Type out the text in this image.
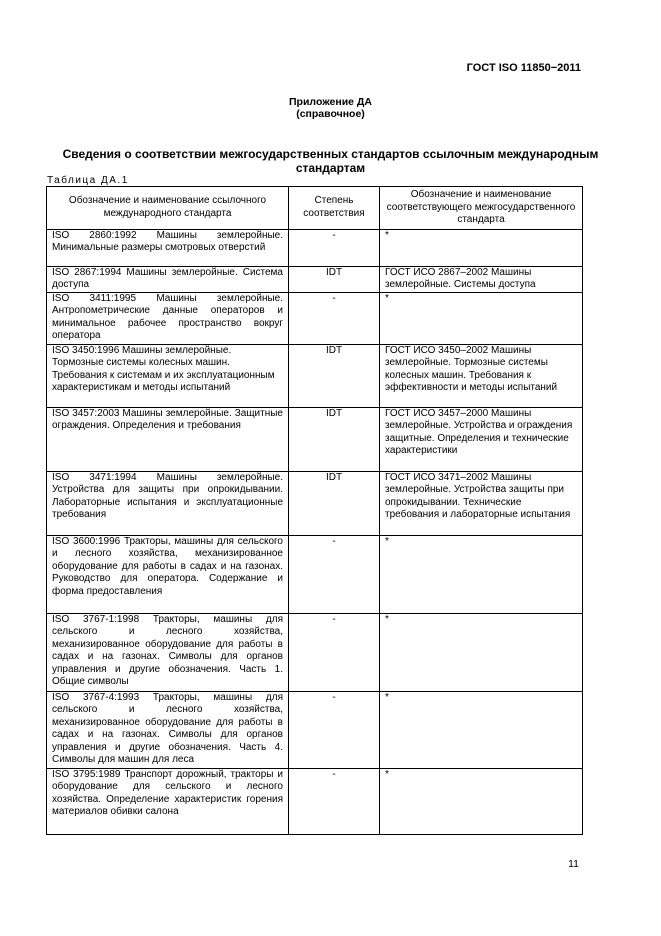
ГОСТ ISO 11850−2011
Приложение ДА
(справочное)
Сведения о соответствии межгосударственных стандартов ссылочным международным стандартам
Таблица ДА.1
Обозначение и наименование ссылочного международного стандарта	Степень соответствия	Обозначение и наименование соответствующего межгосударственного стандарта
ISO 2860:1992 Машины землеройные. Минимальные размеры смотровых отверстий	-	*
ISO 2867:1994 Машины землеройные. Система доступа	IDT	ГОСТ ИСО 2867–2002 Машины землеройные. Системы доступа
ISO 3411:1995 Машины землеройные. Антропометрические данные операторов и минимальное рабочее пространство вокруг оператора	-	*
ISO 3450:1996 Машины землеройные. Тормозные системы колесных машин. Требования к системам и их эксплуатационным характеристикам и методы испытаний	IDT	ГОСТ ИСО 3450–2002 Машины землеройные. Тормозные системы колесных машин. Требования к эффективности и методы испытаний
ISO 3457:2003 Машины землеройные. Защитные ограждения. Определения и требования	IDT	ГОСТ ИСО 3457–2000 Машины землеройные. Устройства и ограждения защитные. Определения и технические характеристики
ISO 3471:1994 Машины землеройные. Устройства для защиты при опрокидывании. Лабораторные испытания и эксплуатационные требования	IDT	ГОСТ ИСО 3471–2002 Машины землеройные. Устройства защиты при опрокидывании. Технические требования и лабораторные испытания
ISO 3600:1996 Тракторы, машины для сельского и лесного хозяйства, механизированное оборудование для работы в садах и на газонах. Руководство для оператора. Содержание и форма предоставления	-	*
ISO 3767-1:1998 Тракторы, машины для сельского и лесного хозяйства, механизированное оборудование для работы в садах и на газонах. Символы для органов управления и другие обозначения. Часть 1. Общие символы	-	*
ISO 3767-4:1993 Тракторы, машины для сельского и лесного хозяйства, механизированное оборудование для работы в садах и на газонах. Символы для органов управления и другие обозначения. Часть 4. Символы для машин для леса	-	*
ISO 3795:1989 Транспорт дорожный, тракторы и оборудование для сельского и лесного хозяйства. Определение характеристик горения материалов обивки салона	-	*
11
